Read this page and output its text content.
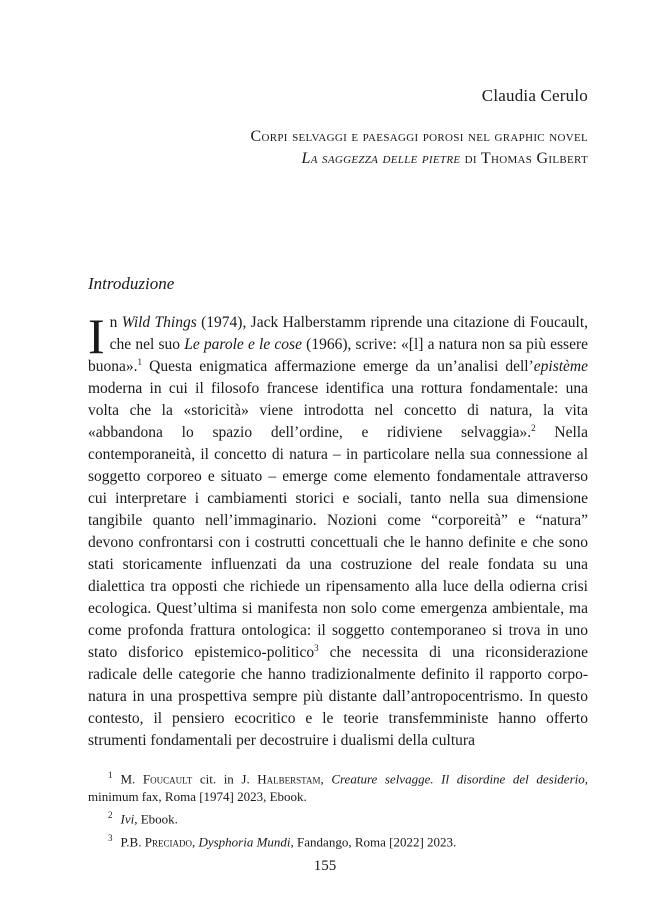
Claudia Cerulo
Corpi selvaggi e paesaggi porosi nel graphic novel
La saggezza delle pietre di Thomas Gilbert
Introduzione
In Wild Things (1974), Jack Halberstamm riprende una citazione di Foucault, che nel suo Le parole e le cose (1966), scrive: «[l] a natura non sa più essere buona».$^1$ Questa enigmatica affermazione emerge da un’analisi dell’epistème moderna in cui il filosofo francese identifica una rottura fondamentale: una volta che la «storicità» viene introdotta nel concetto di natura, la vita «abbandona lo spazio dell’ordine, e ridiviene selvaggia».$^2$ Nella contemporaneità, il concetto di natura – in particolare nella sua connessione al soggetto corporeo e situato – emerge come elemento fondamentale attraverso cui interpretare i cambiamenti storici e sociali, tanto nella sua dimensione tangibile quanto nell’immaginario. Nozioni come “corporeità” e “natura” devono confrontarsi con i costrutti concettuali che le hanno definite e che sono stati storicamente influenzati da una costruzione del reale fondata su una dialettica tra opposti che richiede un ripensamento alla luce della odierna crisi ecologica. Quest’ultima si manifesta non solo come emergenza ambientale, ma come profonda frattura ontologica: il soggetto contemporaneo si trova in uno stato disforico epistemico-politico$^3$ che necessita di una riconsiderazione radicale delle categorie che hanno tradizionalmente definito il rapporto corpo-natura in una prospettiva sempre più distante dall’antropocentrismo. In questo contesto, il pensiero ecocritico e le teorie transfemministe hanno offerto strumenti fondamentali per decostruire i dualismi della cultura
$^1$ M. Foucault cit. in J. Halberstam, Creature selvagge. Il disordine del desiderio, minimum fax, Roma [1974] 2023, Ebook.
$^2$ Ivi, Ebook.
$^3$ P.B. Preciado, Dysphoria Mundi, Fandango, Roma [2022] 2023.
155
